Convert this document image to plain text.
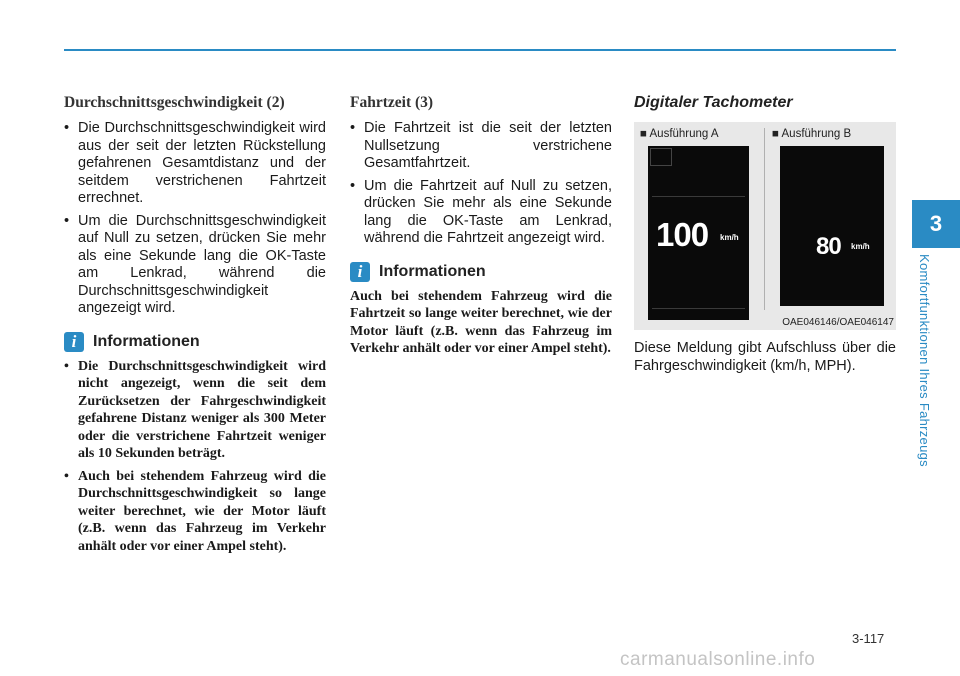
Durchschnittsgeschwindigkeit (2)
• Die Durchschnittsgeschwindigkeit wird aus der seit der letzten Rückstellung gefahrenen Gesamtdistanz und der seitdem verstrichenen Fahrtzeit errechnet.
• Um die Durchschnittsgeschwindigkeit auf Null zu setzen, drücken Sie mehr als eine Sekunde lang die OK-Taste am Lenkrad, während die Durchschnittsgeschwindigkeit angezeigt wird.
i	Informationen
• Die Durchschnittsgeschwindigkeit wird nicht angezeigt, wenn die seit dem Zurücksetzen der Fahrgeschwindigkeit gefahrene Distanz weniger als 300 Meter oder die verstrichene Fahrtzeit weniger als 10 Sekunden beträgt.
• Auch bei stehendem Fahrzeug wird die Durchschnittsgeschwindigkeit so lange weiter berechnet, wie der Motor läuft (z.B. wenn das Fahrzeug im Verkehr anhält oder vor einer Ampel steht).
Fahrtzeit (3)
• Die Fahrtzeit ist die seit der letzten Nullsetzung verstrichene Gesamtfahrtzeit.
• Um die Fahrtzeit auf Null zu setzen, drücken Sie mehr als eine Sekunde lang die OK-Taste am Lenkrad, während die Fahrtzeit angezeigt wird.
i	Informationen
Auch bei stehendem Fahrzeug wird die Fahrtzeit so lange weiter berechnet, wie der Motor läuft (z.B. wenn das Fahrzeug im Verkehr anhält oder vor einer Ampel steht).
Digitaler Tachometer
■ Ausführung A	■ Ausführung B
100 km/h	80 km/h
OAE046146/OAE046147
Diese Meldung gibt Aufschluss über die Fahrgeschwindigkeit (km/h, MPH).
3
Komfortfunktionen Ihres Fahrzeugs
3-117
carmanualsonline.info
